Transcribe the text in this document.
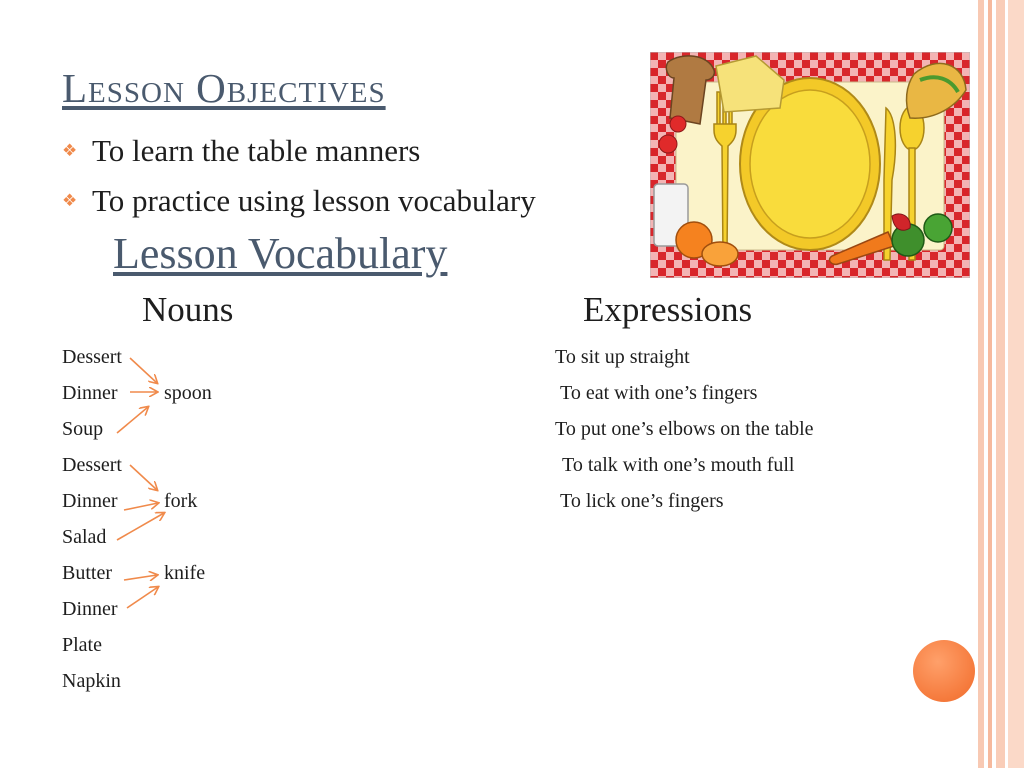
Lesson Objectives
❖ To learn the table manners
❖ To practice using lesson vocabulary
Lesson Vocabulary
Nouns	Expressions
Dessert
Dinner
Soup
Dessert
Dinner
Salad
Butter
Dinner
Plate
Napkin
spoon
fork
knife
To sit up straight
To eat with one’s fingers
To put one’s elbows on the table
To talk with one’s mouth full
To lick one’s fingers
